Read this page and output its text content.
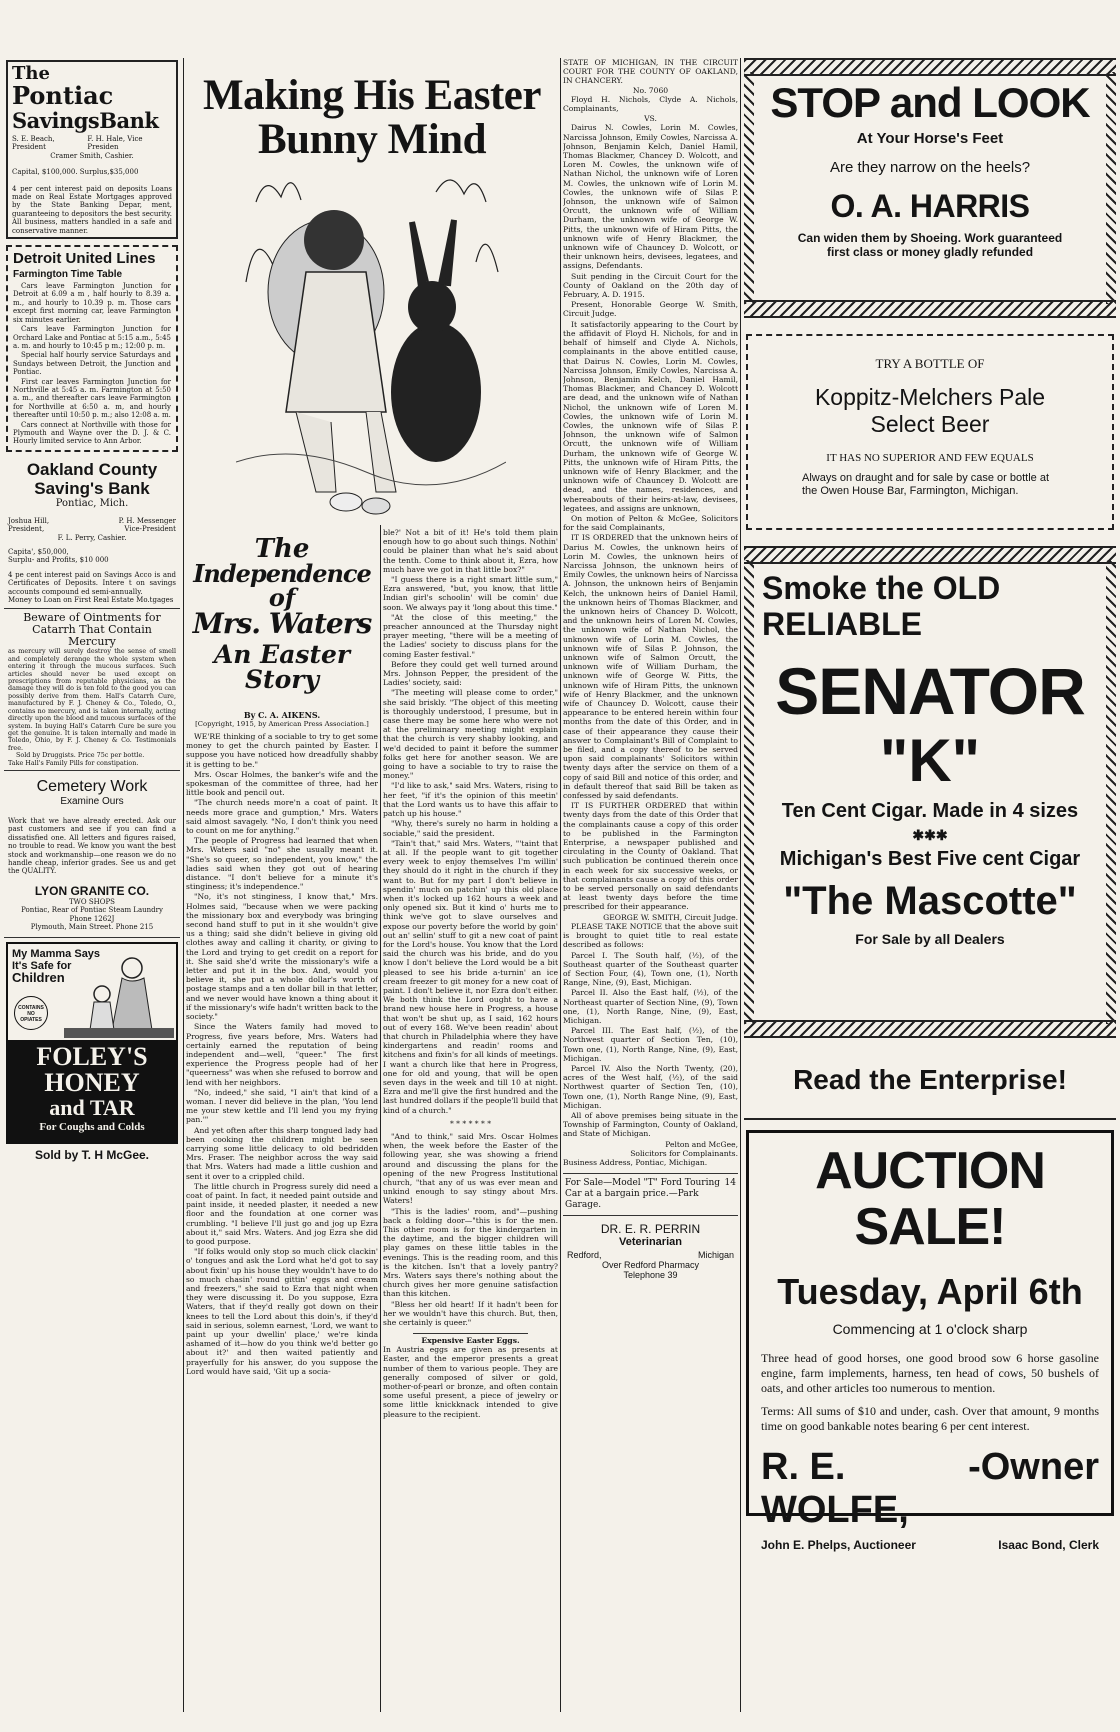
The
Pontiac
SavingsBank
S. E. Beach, President
F. H. Hale, Vice Presiden
Cramer Smith, Cashier.
Capital, $100,000. Surplus,$35,000
4 per cent interest paid on deposits Loans made on Real Estate Mortgages approved by the State Banking Depar, ment, guaranteeing to depositors the best security. All business, matters handled in a safe and conservative manner.
Detroit United Lines
Farmington Time Table

Cars leave Farmington Junction for Detroit at 6.09 a m , half hourly to 8.39 a. m., and hourly to 10.39 p. m. Those cars except first morning car, leave Farmington six minutes earlier.

Cars leave Farmington Junction for Orchard Lake and Pontiac at 5:15 a.m., 5:45 a. m. and hourly to 10:45 p m.; 12:00 p. m.

Special half hourly service Saturdays and Sundays between Detroit, the Junction and Pontiac.

First car leaves Farmington Junction for Northville at 5:45 a. m. Farmington at 5:50 a. m., and thereafter cars leave Farmington for Northville at 6:50 a. m, and hourly thereafter until 10:50 p. m.; also 12:08 a. m.

Cars connect at Northville with those for Plymouth and Wayne over the D. J. & C. Hourly limited service to Ann Arbor.

Oakland County
Saving's Bank
Pontiac, Mich.
Joshua Hill,	P. H. Messenger
President,	Vice-President
F. L. Perry, Cashier.
Capita', $50,000,
Surplu- and Profits, $10 000
4 pe cent interest paid on Savings Acco is and Certificates of Deposits. Intere t on savings accounts compound ed semi-annually.
Money to Loan on First Real Estate Mo.tgages
Beware of Ointments for Catarrh That Contain Mercury
as mercury will surely destroy the sense of smell and completely derange the whole system when entering it through the mucous surfaces. Such articles should never be used except on prescriptions from reputable physicians, as the damage they will do is ten fold to the good you can possibly derive from them. Hall's Catarrh Cure, manufactured by F. J. Cheney & Co., Toledo, O., contains no mercury, and is taken internally, acting directly upon the blood and mucous surfaces of the system. In buying Hall's Catarrh Cure be sure you get the genuine. It is taken internally and made in Toledo, Ohio, by F. J. Cheney & Co. Testimonials free.
Sold by Druggists. Price 75c per bottle.
Take Hall's Family Pills for constipation.
Cemetery Work
Examine Ours
Work that we have already erected. Ask our past customers and see if you can find a dissatisfied one. All letters and figures raised, no trouble to read. We know you want the best stock and workmanship—one reason we do no handle cheap, inferior grades. See us and get the QUALITY.
LYON GRANITE CO.
TWO SHOPS
Pontiac, Rear of Pontiac Steam Laundry
Phone 1262J
Plymouth, Main Street. Phone 215
My Mamma Says
It's Safe for
Children
CONTAINS
NO
OPIATES
FOLEY'S
HONEY
and TAR
For Coughs and Colds
Sold by T. H McGee.
Making His Easter Bunny Mind
The
Independence
of
Mrs. Waters
An Easter Story
By C. A. AIKENS.
[Copyright, 1915, by American Press Association.]

WE'RE thinking of a sociable to try to get some money to get the church painted by Easter. I suppose you have noticed how dreadfully shabby it is getting to be."

Mrs. Oscar Holmes, the banker's wife and the spokesman of the committee of three, had her little book and pencil out.

"The church needs more'n a coat of paint. It needs more grace and gumption," Mrs. Waters said almost savagely. "No, I don't think you need to count on me for anything."

The people of Progress had learned that when Mrs. Waters said "no" she usually meant it. "She's so queer, so independent, you know," the ladies said when they got out of hearing distance. "I don't believe for a minute it's stinginess; it's independence."

"No, it's not stinginess, I know that," Mrs. Holmes said, "because when we were packing the missionary box and everybody was bringing second hand stuff to put in it she wouldn't give us a thing; said she didn't believe in giving old clothes away and calling it charity, or giving to the Lord and trying to get credit on a report for it. She said she'd write the missionary's wife a letter and put it in the box. And, would you believe it, she put a whole dollar's worth of postage stamps and a ten dollar bill in that letter, and we never would have known a thing about it if the missionary's wife hadn't written back to the society."

Since the Waters family had moved to Progress, five years before, Mrs. Waters had certainly earned the reputation of being independent and—well, "queer." The first experience the Progress people had of her "queerness" was when she refused to borrow and lend with her neighbors.

"No, indeed," she said, "I ain't that kind of a woman. I never did believe in the plan, 'You lend me your stew kettle and I'll lend you my frying pan.'"

And yet often after this sharp tongued lady had been cooking the children might be seen carrying some little delicacy to old bedridden Mrs. Fraser. The neighbor across the way said that Mrs. Waters had made a little cushion and sent it over to a crippled child.

The little church in Progress surely did need a coat of paint. In fact, it needed paint outside and paint inside, it needed plaster, it needed a new floor and the foundation at one corner was crumbling. "I believe I'll just go and jog up Ezra about it," said Mrs. Waters. And jog Ezra she did to good purpose.

"If folks would only stop so much click clackin' o' tongues and ask the Lord what he'd got to say about fixin' up his house they wouldn't have to do so much chasin' round gittin' eggs and cream and freezers," she said to Ezra that night when they were discussing it. Do you suppose, Ezra Waters, that if they'd really got down on their knees to tell the Lord about this doin's, if they'd said in serious, solemn earnest, 'Lord, we want to paint up your dwellin' place,' we're kinda ashamed of it—how do you think we'd better go about it?' and then waited patiently and prayerfully for his answer, do you suppose the Lord would have said, 'Git up a socia-

ble?' Not a bit of it! He's told them plain enough how to go about such things. Nothin' could be plainer than what he's said about the tenth. Come to think about it, Ezra, how much have we got in that little box?"

"I guess there is a right smart little sum," Ezra answered, "but, you know, that little Indian girl's schoolin' will be comin' due soon. We always pay it 'long about this time."

"At the close of this meeting," the preacher announced at the Thursday night prayer meeting, "there will be a meeting of the Ladies' society to discuss plans for the coming Easter festival."

Before they could get well turned around Mrs. Johnson Pepper, the president of the Ladies' society, said:

"The meeting will please come to order," she said briskly. "The object of this meeting is thoroughly understood, I presume, but in case there may be some here who were not at the preliminary meeting might explain that the church is very shabby looking, and we'd decided to paint it before the summer folks get here for another season. We are going to have a sociable to try to raise the money."

"I'd like to ask," said Mrs. Waters, rising to her feet, "if it's the opinion of this meetin' that the Lord wants us to have this affair to patch up his house."

"Why, there's surely no harm in holding a sociable," said the president.

"Tain't that," said Mrs. Waters, "'taint that at all. If the people want to git together every week to enjoy themselves I'm willin' they should do it right in the church if they want to. But for my part I don't believe in spendin' much on patchin' up this old place when it's locked up 162 hours a week and only opened six. But it kind o' hurts me to think we've got to slave ourselves and expose our poverty before the world by goin' out an' sellin' stuff to git a new coat of paint for the Lord's house. You know that the Lord said the church was his bride, and do you know I don't believe the Lord would be a bit pleased to see his bride a-turnin' an ice cream freezer to git money for a new coat of paint. I don't believe it, nor Ezra don't either. We both think the Lord ought to have a brand new house here in Progress, a house that won't be shut up, as I said, 162 hours out of every 168. We've been readin' about that church in Philadelphia where they have kindergartens and readin' rooms and kitchens and fixin's for all kinds of meetings. I want a church like that here in Progress, one for old and young, that will be open seven days in the week and till 10 at night. Ezra and me'll give the first hundred and the last hundred dollars if the people'll build that kind of a church."

* * * * * * *

"And to think," said Mrs. Oscar Holmes when, the week before the Easter of the following year, she was showing a friend around and discussing the plans for the opening of the new Progress Institutional church, "that any of us was ever mean and unkind enough to say stingy about Mrs. Waters!

"This is the ladies' room, and"—pushing back a folding door—"this is for the men. This other room is for the kindergarten in the daytime, and the bigger children will play games on these little tables in the evenings. This is the reading room, and this is the kitchen. Isn't that a lovely pantry? Mrs. Waters says there's nothing about the church gives her more genuine satisfaction than this kitchen.

"Bless her old heart! If it hadn't been for her we wouldn't have this church. But, then, she certainly is queer."

Expensive Easter Eggs.
In Austria eggs are given as presents at Easter, and the emperor presents a great number of them to various people. They are generally composed of silver or gold, mother-of-pearl or bronze, and often contain some useful present, a piece of jewelry or some little knickknack intended to give pleasure to the recipient.
STATE OF MICHIGAN, IN THE CIRCUIT COURT FOR THE COUNTY OF OAKLAND, IN CHANCERY.
No. 7060

Floyd H. Nichols, Clyde A. Nichols, Complainants,

VS.

Dairus N. Cowles, Lorin M. Cowles, Narcissa Johnson, Emily Cowles, Narcissa A. Johnson, Benjamin Kelch, Daniel Hamil, Thomas Blackmer, Chancey D. Wolcott, and Loren M. Cowles, the unknown wife of Nathan Nichol, the unknown wife of Loren M. Cowles, the unknown wife of Lorin M. Cowles, the unknown wife of Silas P. Johnson, the unknown wife of Salmon Orcutt, the unknown wife of William Durham, the unknown wife of George W. Pitts, the unknown wife of Hiram Pitts, the unknown wife of Henry Blackmer, the unknown wife of Chauncey D. Wolcott, or their unknown heirs, devisees, legatees, and assigns, Defendants.

Suit pending in the Circuit Court for the County of Oakland on the 20th day of February, A. D. 1915.

Present, Honorable George W. Smith, Circuit Judge.

It satisfactorily appearing to the Court by the affidavit of Floyd H. Nichols, for and in behalf of himself and Clyde A. Nichols, complainants in the above entitled cause, that Dairus N. Cowles, Lorin M. Cowles, Narcissa Johnson, Emily Cowles, Narcissa A. Johnson, Benjamin Kelch, Daniel Hamil, Thomas Blackmer, and Chancey D. Wolcott are dead, and the unknown wife of Nathan Nichol, the unknown wife of Loren M. Cowles, the unknown wife of Lorin M. Cowles, the unknown wife of Silas P. Johnson, the unknown wife of Salmon Orcutt, the unknown wife of William Durham, the unknown wife of George W. Pitts, the unknown wife of Hiram Pitts, the unknown wife of Henry Blackmer, and the unknown wife of Chauncey D. Wolcott are dead, and the names, residences, and whereabouts of their heirs-at-law, devisees, legatees, and assigns are unknown,

On motion of Pelton & McGee, Solicitors for the said Complainants,

IT IS ORDERED that the unknown heirs of Darius M. Cowles, the unknown heirs of Lorin M. Cowles, the unknown heirs of Narcissa Johnson, the unknown heirs of Emily Cowles, the unknown heirs of Narcissa A. Johnson, the unknown heirs of Benjamin Kelch, the unknown heirs of Daniel Hamil, the unknown heirs of Thomas Blackmer, and the unknown heirs of Chancey D. Wolcott, and the unknown heirs of Loren M. Cowles, the unknown wife of Nathan Nichol, the unknown wife of Lorin M. Cowles, the unknown wife of Silas P. Johnson, the unknown wife of Salmon Orcutt, the unknown wife of William Durham, the unknown wife of George W. Pitts, the unknown wife of Hiram Pitts, the unknown wife of Henry Blackmer, and the unknown wife of Chauncey D. Wolcott, cause their appearance to be entered herein within four months from the date of this Order, and in case of their appearance they cause their answer to Complainant's Bill of Complaint to be filed, and a copy thereof to be served upon said complainants' Solicitors within twenty days after the service on them of a copy of said Bill and notice of this order, and in default thereof that said Bill be taken as confessed by said defendants.

IT IS FURTHER ORDERED that within twenty days from the date of this Order that the complainants cause a copy of this order to be published in the Farmington Enterprise, a newspaper published and circulating in the County of Oakland. That such publication be continued therein once in each week for six successive weeks, or that complainants cause a copy of this order to be served personally on said defendants at least twenty days before the time prescribed for their appearance.

GEORGE W. SMITH, Circuit Judge.

PLEASE TAKE NOTICE that the above suit is brought to quiet title to real estate described as follows:

Parcel I. The South half, (½), of the Southeast quarter of the Southeast quarter of Section Four, (4), Town one, (1), North Range, Nine, (9), East, Michigan.

Parcel II. Also the East half, (½), of the Northeast quarter of Section Nine, (9), Town one, (1), North Range, Nine, (9), East, Michigan.

Parcel III. The East half, (½), of the Northwest quarter of Section Ten, (10), Town one, (1), North Range, Nine, (9), East, Michigan.

Parcel IV. Also the North Twenty, (20), acres of the West half, (½), of the said Northwest quarter of Section Ten, (10), Town one, (1), North Range Nine, (9), East, Michigan.

All of above premises being situate in the Township of Farmington, County of Oakland, and State of Michigan.

Pelton and McGee,
Solicitors for Complainants.
Business Address, Pontiac, Michigan.
For Sale—Model "T" Ford Touring Car at a bargain price.—Park Garage.
14
DR. E. R. PERRIN
Veterinarian
Redford,	Michigan
Over Redford Pharmacy
Telephone 39
STOP and LOOK
At Your Horse's Feet
Are they narrow on the heels?
O. A. HARRIS
Can widen them by Shoeing. Work guaranteed
first class or money gladly refunded
TRY A BOTTLE OF
Koppitz-Melchers Pale
Select Beer
IT HAS NO SUPERIOR AND FEW EQUALS
Always on draught and for sale by case or bottle at the Owen House Bar, Farmington, Michigan.
Smoke the OLD
RELIABLE
SENATOR
"K"
Ten Cent Cigar. Made in 4 sizes
✱✱✱
Michigan's Best Five cent Cigar
"The Mascotte"
For Sale by all Dealers
Read the Enterprise!
AUCTION SALE!
Tuesday, April 6th
Commencing at 1 o'clock sharp
Three head of good horses, one good brood sow 6 horse gasoline engine, farm implements, harness, ten head of cows, 50 bushels of oats, and other articles too numerous to mention.
Terms: All sums of $10 and under, cash. Over that amount, 9 months time on good bankable notes bearing 6 per cent interest.
R. E. WOLFE,
- Owner
John E. Phelps, Auctioneer	Isaac Bond, Clerk
